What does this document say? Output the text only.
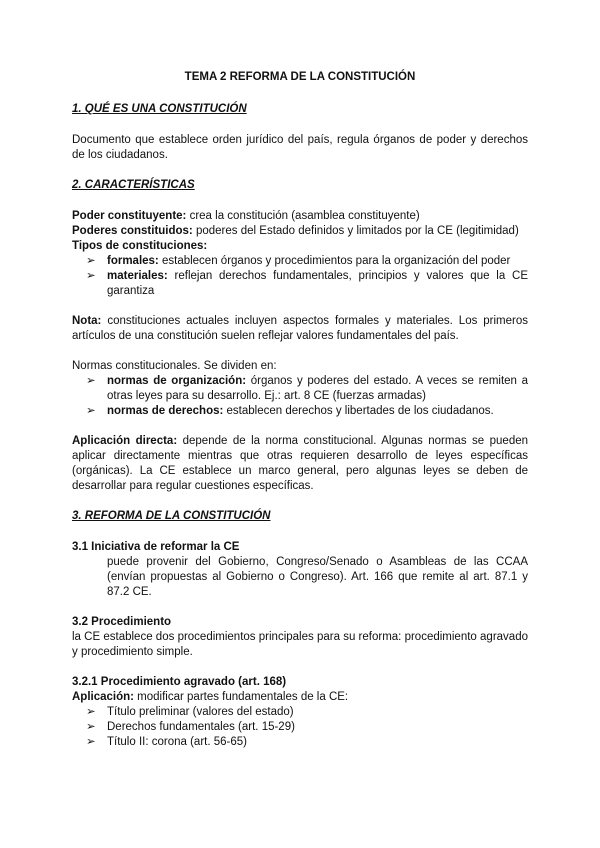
TEMA 2 REFORMA DE LA CONSTITUCIÓN

1. QUÉ ES UNA CONSTITUCIÓN

Documento que establece orden jurídico del país, regula órganos de poder y derechos de los ciudadanos.

2. CARACTERÍSTICAS

Poder constituyente: crea la constitución (asamblea constituyente)

Poderes constituidos: poderes del Estado definidos y limitados por la CE (legitimidad)

Tipos de constituciones:

➢ formales: establecen órganos y procedimientos para la organización del poder
➢ materiales: reflejan derechos fundamentales, principios y valores que la CE garantiza

Nota: constituciones actuales incluyen aspectos formales y materiales. Los primeros artículos de una constitución suelen reflejar valores fundamentales del país.

Normas constitucionales. Se dividen en:

➢ normas de organización: órganos y poderes del estado. A veces se remiten a otras leyes para su desarrollo. Ej.: art. 8 CE (fuerzas armadas)
➢ normas de derechos: establecen derechos y libertades de los ciudadanos.

Aplicación directa: depende de la norma constitucional. Algunas normas se pueden aplicar directamente mientras que otras requieren desarrollo de leyes específicas (orgánicas). La CE establece un marco general, pero algunas leyes se deben de desarrollar para regular cuestiones específicas.

3. REFORMA DE LA CONSTITUCIÓN

3.1 Iniciativa de reformar la CE

puede provenir del Gobierno, Congreso/Senado o Asambleas de las CCAA (envían propuestas al Gobierno o Congreso). Art. 166 que remite al art. 87.1 y 87.2 CE.

3.2 Procedimiento

la CE establece dos procedimientos principales para su reforma: procedimiento agravado y procedimiento simple.

3.2.1 Procedimiento agravado (art. 168)

Aplicación: modificar partes fundamentales de la CE:

➢ Título preliminar (valores del estado)
➢ Derechos fundamentales (art. 15-29)
➢ Título II: corona (art. 56-65)
